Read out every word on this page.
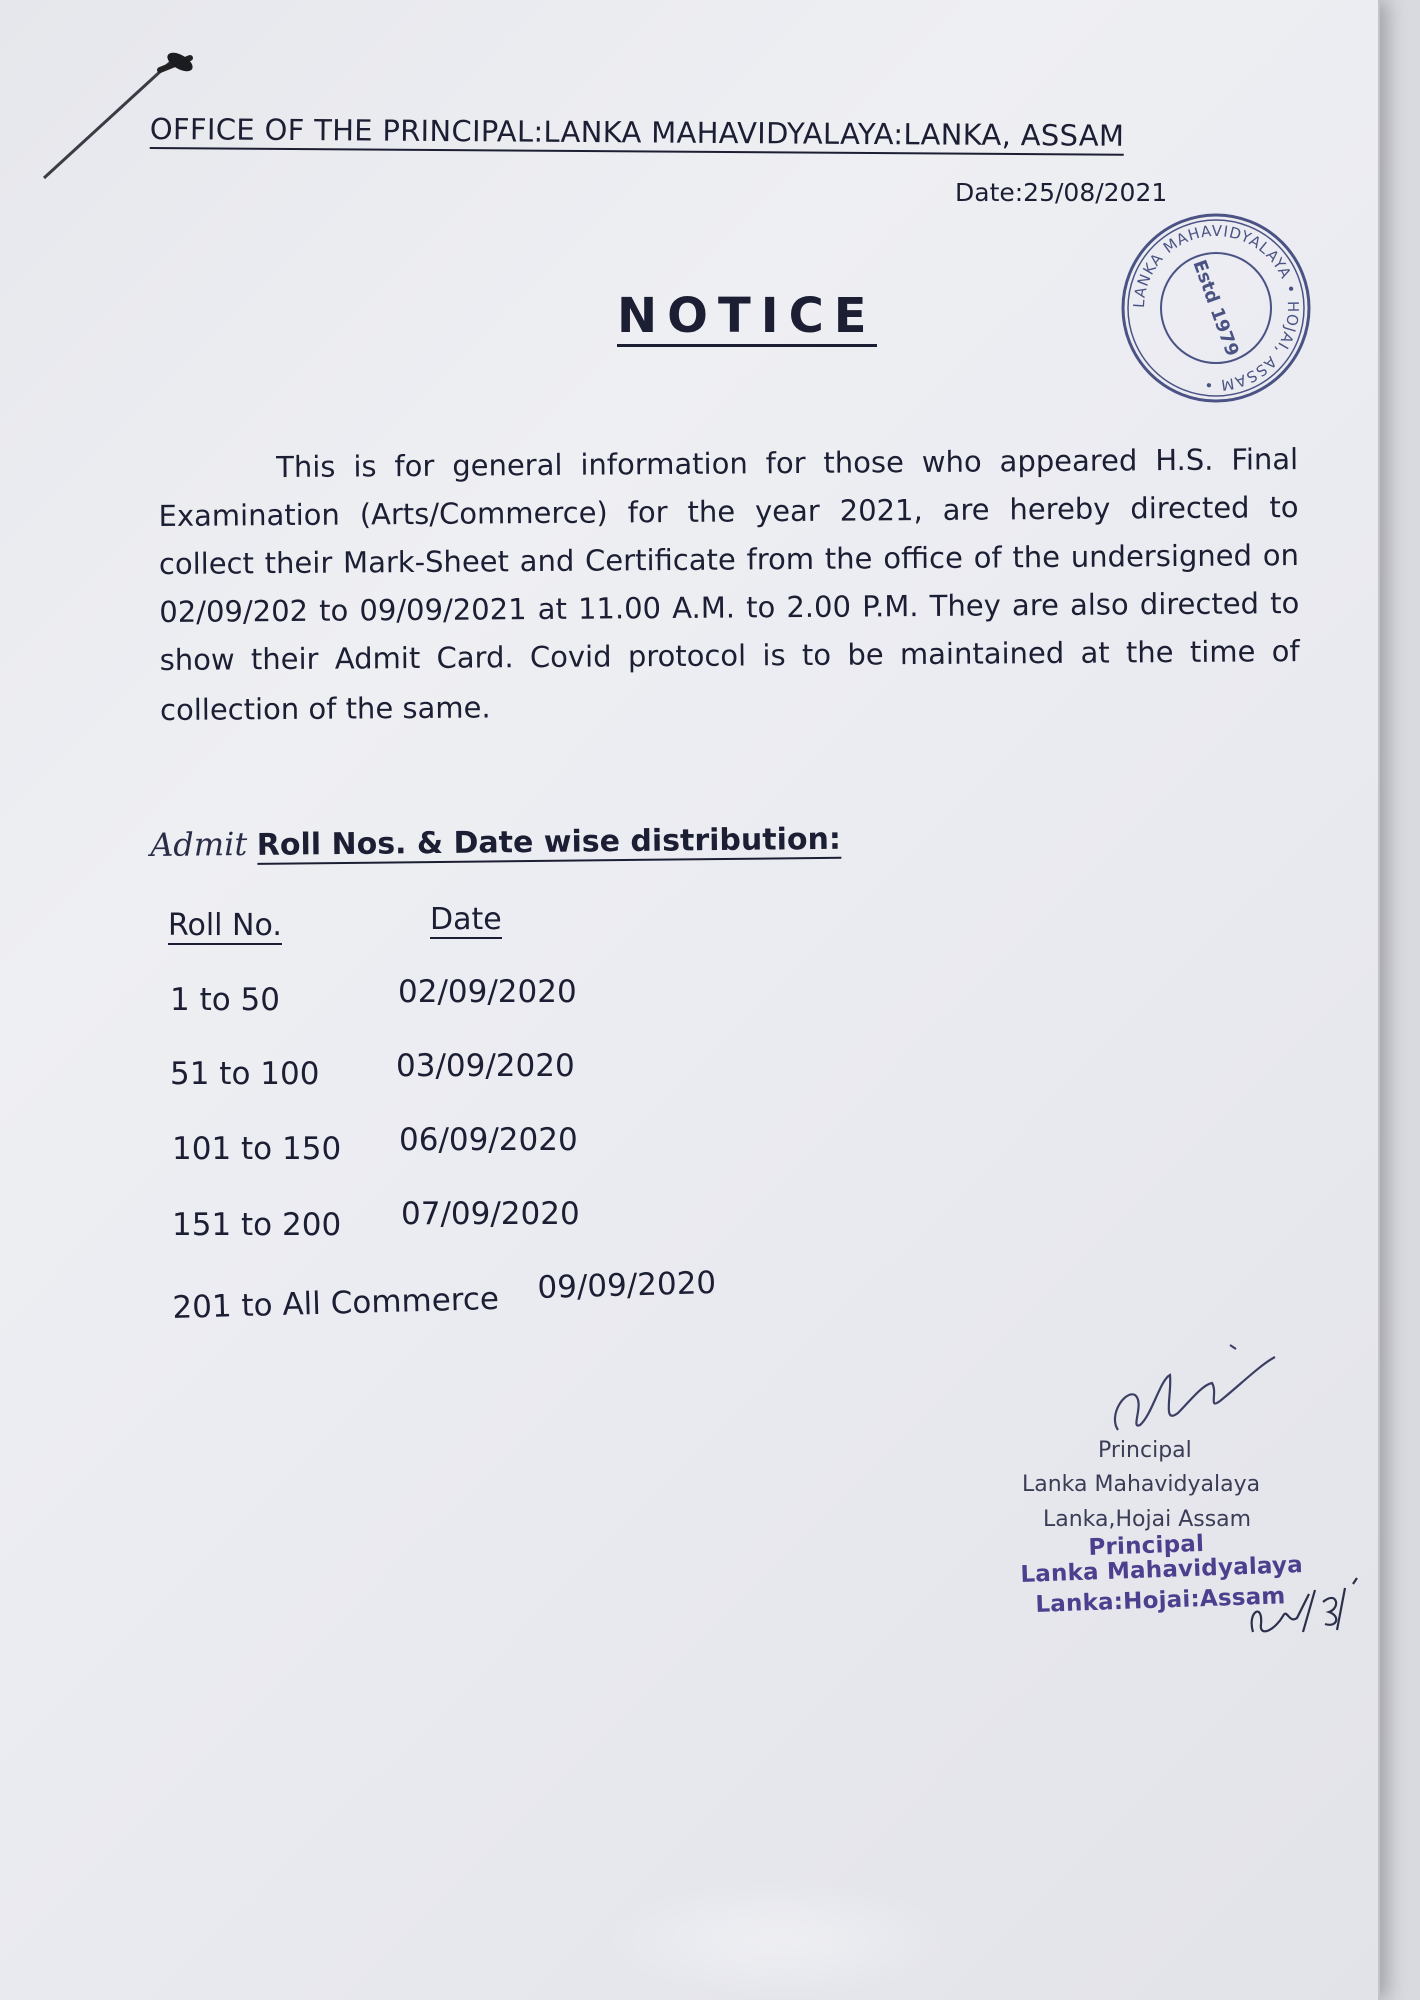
OFFICE OF THE PRINCIPAL:LANKA MAHAVIDYALAYA:LANKA, ASSAM
Date:25/08/2021
LANKA MAHAVIDYALAYA • HOJAI, ASSAM •
Estd 1979
NOTICE
This is for general information for those who appeared H.S. Final Examination (Arts/Commerce) for the year 2021, are hereby directed to collect their Mark-Sheet and Certificate from the office of the undersigned on 02/09/202 to 09/09/2021 at 11.00 A.M. to 2.00 P.M. They are also directed to show their Admit Card. Covid protocol is to be maintained at the time of collection of the same.
Admit Roll Nos. & Date wise distribution:
Roll No.	Date
1 to 50	02/09/2020
51 to 100 03/09/2020
101 to 150 06/09/2020
151 to 200 07/09/2020
201 to All Commerce 09/09/2020
Principal
Lanka Mahavidyalaya
Lanka,Hojai Assam
Principal
Lanka Mahavidyalaya
Lanka:Hojai:Assam
